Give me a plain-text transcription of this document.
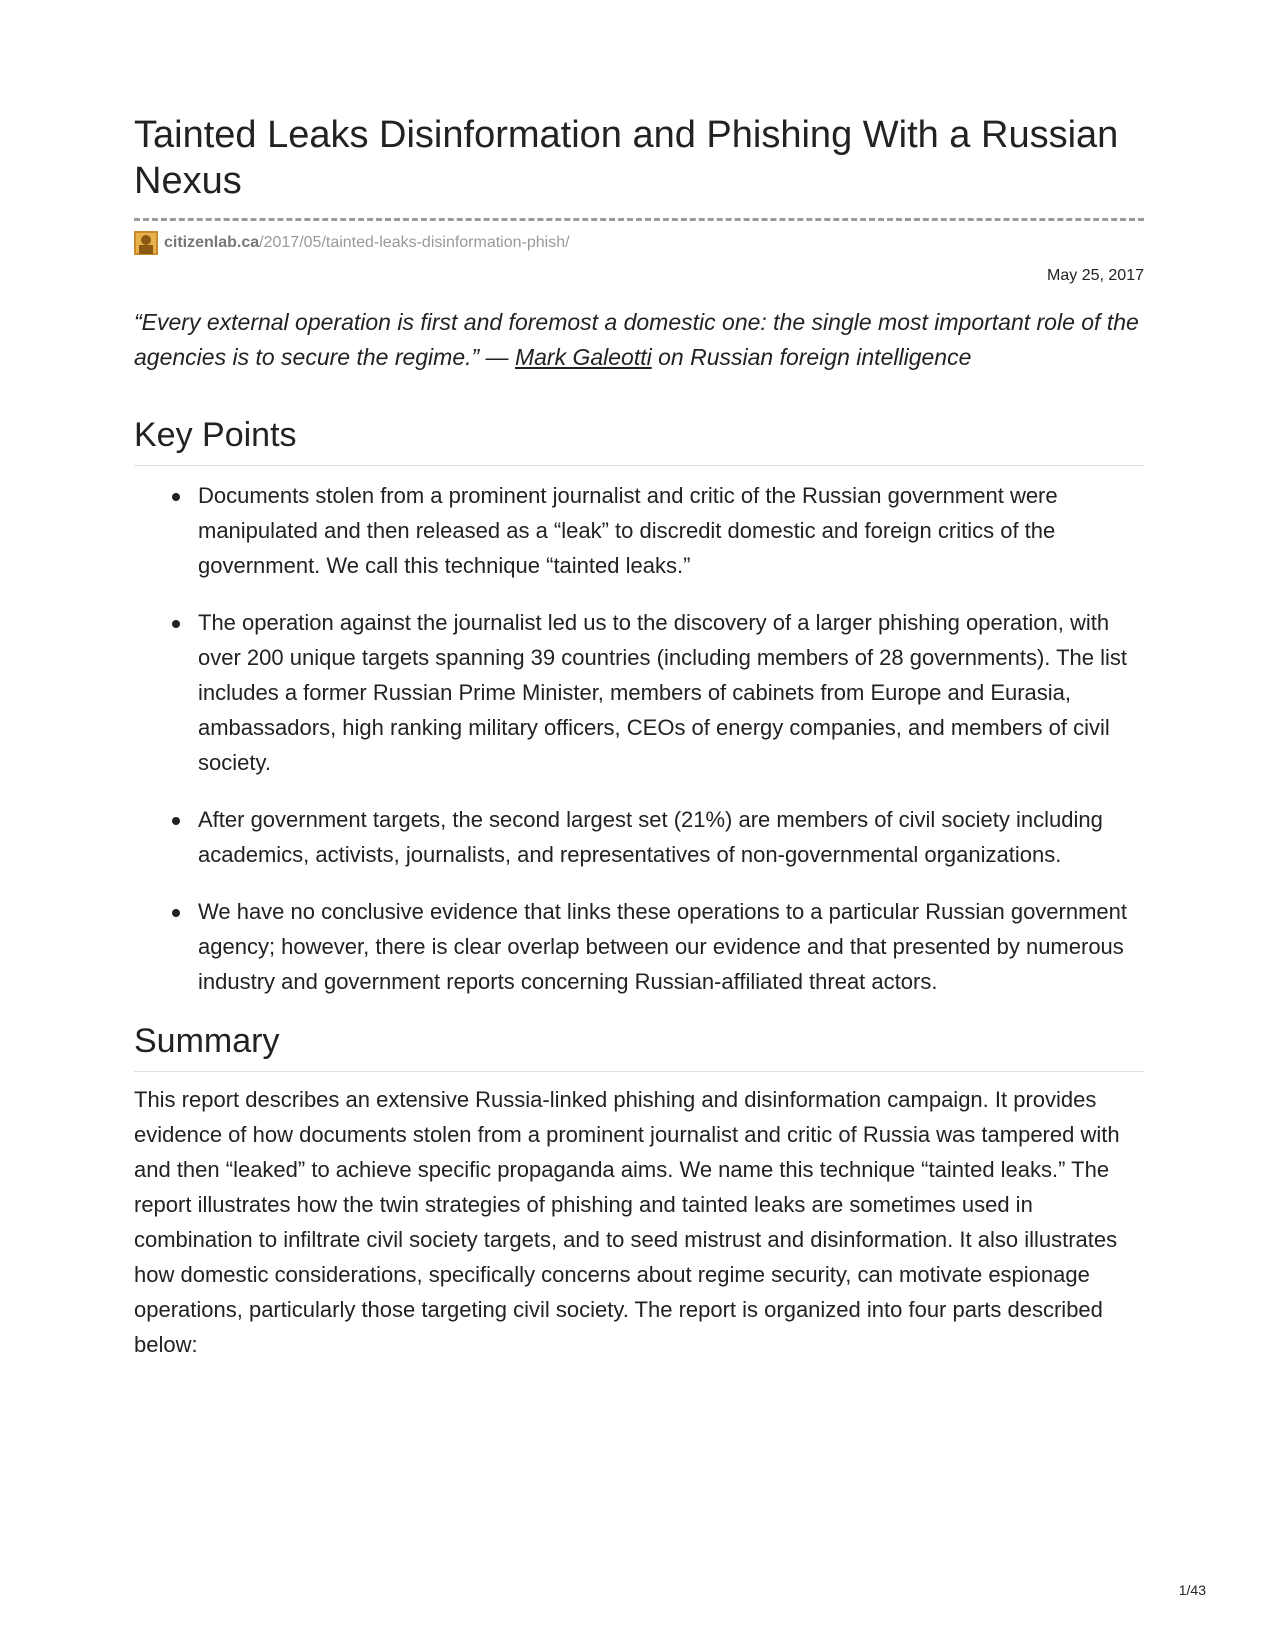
Tainted Leaks Disinformation and Phishing With a Russian Nexus
citizenlab.ca /2017/05/tainted-leaks-disinformation-phish/
May 25, 2017
“Every external operation is first and foremost a domestic one: the single most important role of the agencies is to secure the regime.” — Mark Galeotti on Russian foreign intelligence
Key Points
Documents stolen from a prominent journalist and critic of the Russian government were manipulated and then released as a “leak” to discredit domestic and foreign critics of the government. We call this technique “tainted leaks.”
The operation against the journalist led us to the discovery of a larger phishing operation, with over 200 unique targets spanning 39 countries (including members of 28 governments). The list includes a former Russian Prime Minister, members of cabinets from Europe and Eurasia, ambassadors, high ranking military officers, CEOs of energy companies, and members of civil society.
After government targets, the second largest set (21%) are members of civil society including academics, activists, journalists, and representatives of non-governmental organizations.
We have no conclusive evidence that links these operations to a particular Russian government agency; however, there is clear overlap between our evidence and that presented by numerous industry and government reports concerning Russian-affiliated threat actors.
Summary

This report describes an extensive Russia-linked phishing and disinformation campaign. It provides evidence of how documents stolen from a prominent journalist and critic of Russia was tampered with and then “leaked” to achieve specific propaganda aims. We name this technique “tainted leaks.” The report illustrates how the twin strategies of phishing and tainted leaks are sometimes used in combination to infiltrate civil society targets, and to seed mistrust and disinformation. It also illustrates how domestic considerations, specifically concerns about regime security, can motivate espionage operations, particularly those targeting civil society. The report is organized into four parts described below:

1/43
